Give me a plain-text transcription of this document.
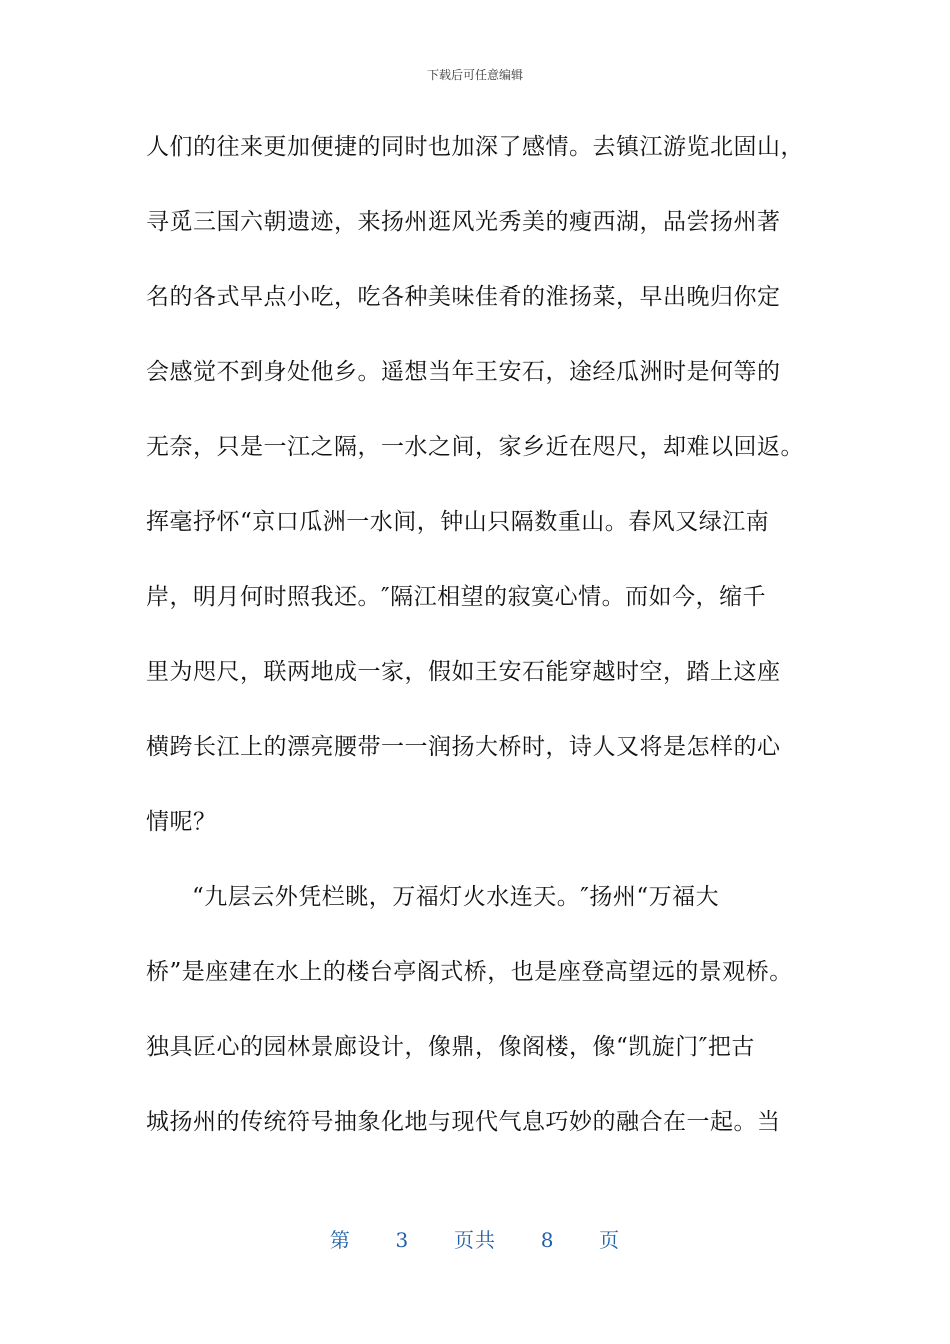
下载后可任意编辑
人们的往来更加便捷的同时也加深了感情。去镇江游览北固山，
寻觅三国六朝遗迹，来扬州逛风光秀美的瘦西湖，品尝扬州著
名的各式早点小吃，吃各种美味佳肴的淮扬菜，早出晚归你定
会感觉不到身处他乡。遥想当年王安石，途经瓜洲时是何等的
无奈，只是一江之隔，一水之间，家乡近在咫尺，却难以回返。
挥毫抒怀“京口瓜洲一水间，钟山只隔数重山。春风又绿江南
岸，明月何时照我还。″隔江相望的寂寞心情。而如今，缩千
里为咫尺，联两地成一家，假如王安石能穿越时空，踏上这座
横跨长江上的漂亮腰带一一润扬大桥时，诗人又将是怎样的心
情呢？
“九层云外凭栏眺，万福灯火水连天。″扬州“万福大
桥”是座建在水上的楼台亭阁式桥，也是座登高望远的景观桥。
独具匠心的园林景廊设计，像鼎，像阁楼，像“凯旋门″把古
城扬州的传统符号抽象化地与现代气息巧妙的融合在一起。当
第 3 页共 8 页
